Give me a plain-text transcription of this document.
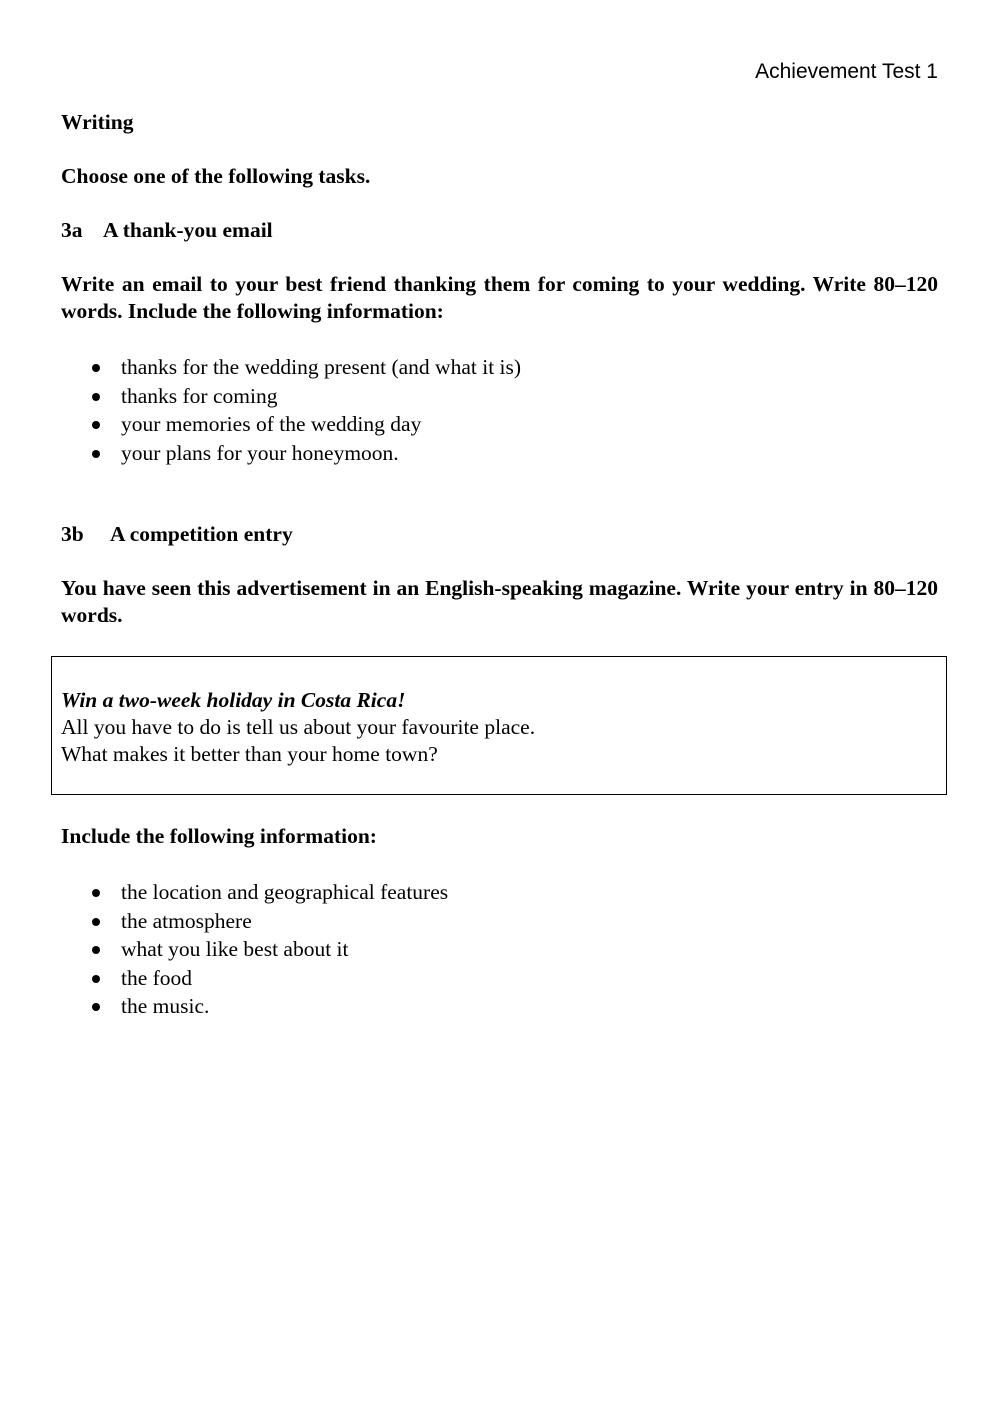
Achievement Test 1
Writing
Choose one of the following tasks.
3a A thank-you email
Write an email to your best friend thanking them for coming to your wedding. Write 80–120 words. Include the following information:
thanks for the wedding present (and what it is)
thanks for coming
your memories of the wedding day
your plans for your honeymoon.
3b A competition entry
You have seen this advertisement in an English-speaking magazine. Write your entry in 80–120 words.
Win a two-week holiday in Costa Rica!
All you have to do is tell us about your favourite place.
What makes it better than your home town?
Include the following information:
the location and geographical features
the atmosphere
what you like best about it
the food
the music.
